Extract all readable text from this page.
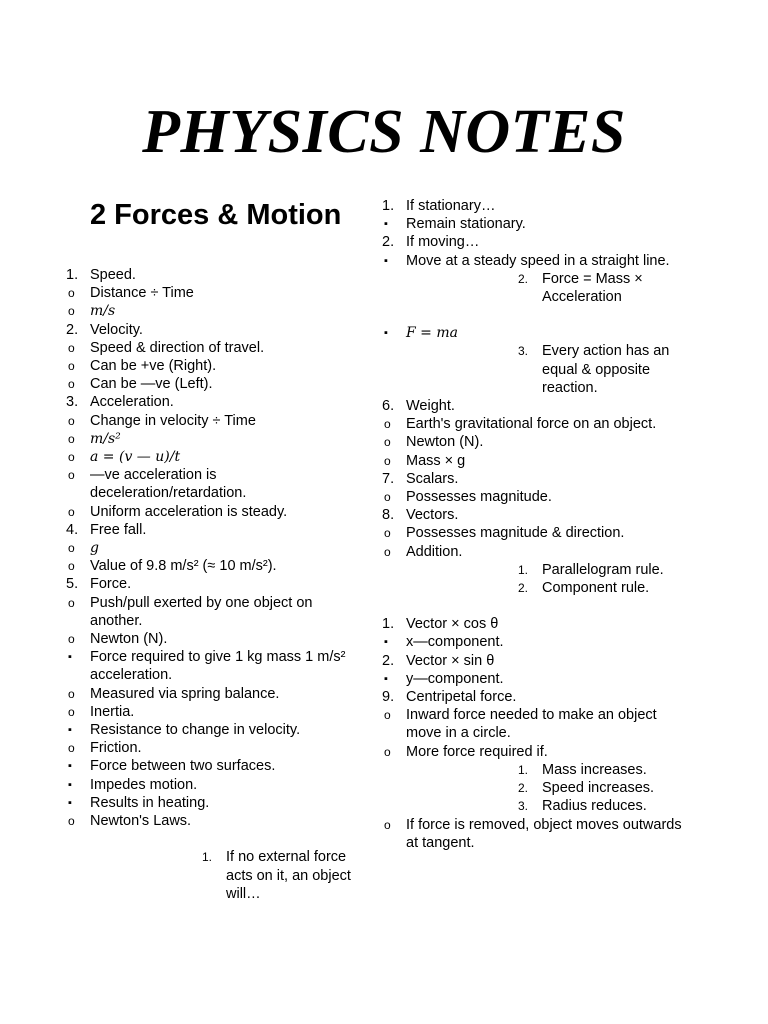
PHYSICS NOTES
2 Forces & Motion
1. Speed.
o Distance ÷ Time
o m/s
2. Velocity.
o Speed & direction of travel.
o Can be +ve (Right).
o Can be —ve (Left).
3. Acceleration.
o Change in velocity ÷ Time
o m/s²
o a = (v — u)/t
o —ve acceleration is deceleration/retardation.
o Uniform acceleration is steady.
4. Free fall.
o g
o Value of 9.8 m/s² (≈ 10 m/s²).
5. Force.
o Push/pull exerted by one object on another.
o Newton (N).
▪ Force required to give 1 kg mass 1 m/s² acceleration.
o Measured via spring balance.
o Inertia.
▪ Resistance to change in velocity.
o Friction.
▪ Force between two surfaces.
▪ Impedes motion.
▪ Results in heating.
o Newton's Laws.
1. If no external force acts on it, an object will…
1. If stationary…
▪ Remain stationary.
2. If moving…
▪ Move at a steady speed in a straight line.
2. Force = Mass × Acceleration
▪ F = ma
3. Every action has an equal & opposite reaction.
6. Weight.
o Earth's gravitational force on an object.
o Newton (N).
o Mass × g
7. Scalars.
o Possesses magnitude.
8. Vectors.
o Possesses magnitude & direction.
o Addition.
1. Parallelogram rule.
2. Component rule.
1. Vector × cos θ
▪ x—component.
2. Vector × sin θ
▪ y—component.
9. Centripetal force.
o Inward force needed to make an object move in a circle.
o More force required if.
1. Mass increases.
2. Speed increases.
3. Radius reduces.
o If force is removed, object moves outwards at tangent.
